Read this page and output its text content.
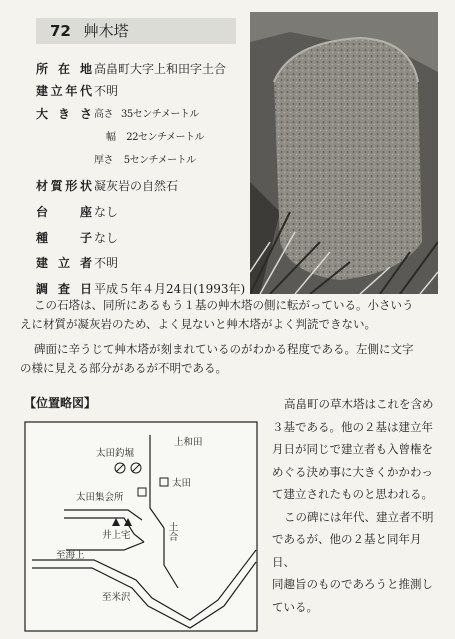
72 艸木塔
所在地 高畠町大字上和田字土合
建立年代 不明
大きさ 高さ 35センチメートル
幅 22センチメートル
厚さ 5センチメートル
材質形状 凝灰岩の自然石
台座 なし
種子 なし
建立者 不明
調査日 平成５年４月24日(1993年)
この石塔は、同所にあるもう１基の艸木塔の側に転がっている。小さいう
えに材質が凝灰岩のため、よく見ないと艸木塔がよく判読できない。
碑面に辛うじて艸木塔が刻まれているのがわかる程度である。左側に文字
の様に見える部分があるが不明である。
【位置略図】
上和田
太田釣堀
太田
太田集会所
井上宅	土合
至海上
至米沢
高畠町の草木塔はこれを含め
３基である。他の２基は建立年
月日が同じで建立者も入曾権を
めぐる決め事に大きくかかわっ
て建立されたものと思われる。
この碑には年代、建立者不明
であるが、他の２基と同年月日、
同趣旨のものであろうと推測し
ている。
